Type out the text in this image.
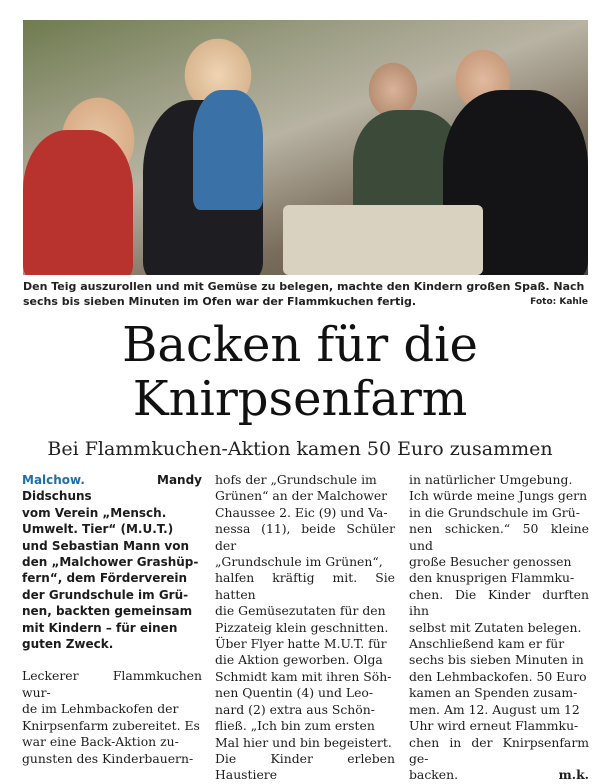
Den Teig auszurollen und mit Gemüse zu belegen, machte den Kindern großen Spaß. Nach
sechs bis sieben Minuten im Ofen war der Flammkuchen fertig.	Foto: Kahle
Backen für die
Knirpsenfarm
Bei Flammkuchen-Aktion kamen 50 Euro zusammen

Malchow.	Mandy Didschuns
vom Verein „Mensch.
Umwelt. Tier“ (M.U.T.)
und Sebastian Mann von
den „Malchower Grashüp-
fern“, dem Förderverein
der Grundschule im Grü-
nen, backten gemeinsam
mit Kindern – für einen
guten Zweck.

Leckerer Flammkuchen wur-
de im Lehmbackofen der
Knirpsenfarm zubereitet. Es
war eine Back-Aktion zu-
gunsten des Kinderbauern-

hofs der „Grundschule im
Grünen“ an der Malchower
Chaussee 2. Eic (9) und Va-
nessa (11), beide Schüler der
„Grundschule im Grünen“,
halfen kräftig mit. Sie hatten
die Gemüsezutaten für den
Pizzateig klein geschnitten.
Über Flyer hatte M.U.T. für
die Aktion geworben. Olga
Schmidt kam mit ihren Söh-
nen Quentin (4) und Leo-
nard (2) extra aus Schön-
fließ. „Ich bin zum ersten
Mal hier und bin begeistert.
Die Kinder erleben Haustiere

in natürlicher Umgebung.
Ich würde meine Jungs gern
in die Grundschule im Grü-
nen schicken.“ 50 kleine und
große Besucher genossen
den knusprigen Flammku-
chen. Die Kinder durften ihn
selbst mit Zutaten belegen.
Anschließend kam er für
sechs bis sieben Minuten in
den Lehmbackofen. 50 Euro
kamen an Spenden zusam-
men. Am 12. August um 12
Uhr wird erneut Flammku-
chen in der Knirpsenfarm ge-
backen.	m.k.
